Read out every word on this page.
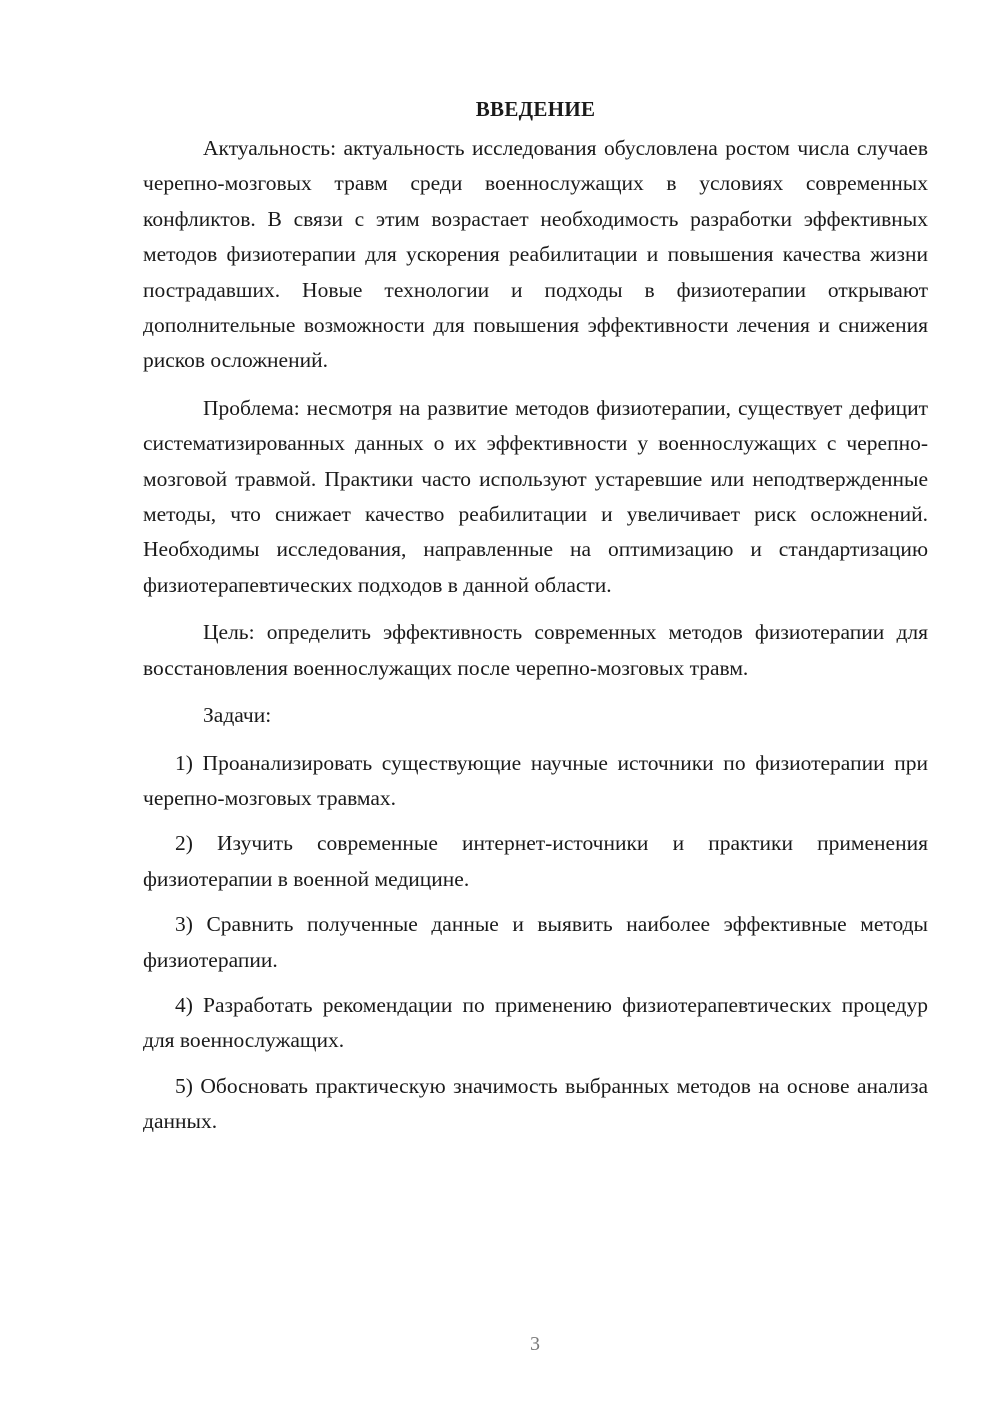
ВВЕДЕНИЕ

Актуальность: актуальность исследования обусловлена ростом числа случаев черепно-мозговых травм среди военнослужащих в условиях современных конфликтов. В связи с этим возрастает необходимость разработки эффективных методов физиотерапии для ускорения реабилитации и повышения качества жизни пострадавших. Новые технологии и подходы в физиотерапии открывают дополнительные возможности для повышения эффективности лечения и снижения рисков осложнений.

Проблема: несмотря на развитие методов физиотерапии, существует дефицит систематизированных данных о их эффективности у военнослужащих с черепно-мозговой травмой. Практики часто используют устаревшие или неподтвержденные методы, что снижает качество реабилитации и увеличивает риск осложнений. Необходимы исследования, направленные на оптимизацию и стандартизацию физиотерапевтических подходов в данной области.

Цель: определить эффективность современных методов физиотерапии для восстановления военнослужащих после черепно-мозговых травм.

Задачи:

1) Проанализировать существующие научные источники по физиотерапии при черепно-мозговых травмах.

2) Изучить современные интернет-источники и практики применения физиотерапии в военной медицине.

3) Сравнить полученные данные и выявить наиболее эффективные методы физиотерапии.

4) Разработать рекомендации по применению физиотерапевтических процедур для военнослужащих.

5) Обосновать практическую значимость выбранных методов на основе анализа данных.

3
